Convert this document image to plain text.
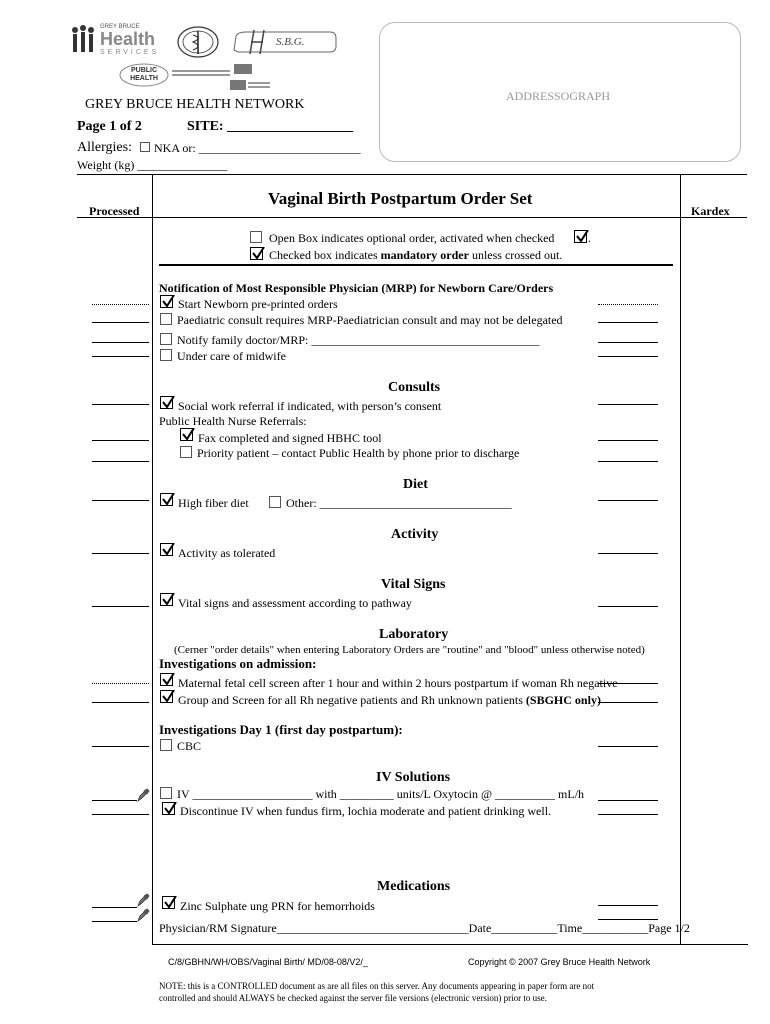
GREY BRUCE
Health
SERVICES
S.B.G.
PUBLIC HEALTH
GREY BRUCE HEALTH NETWORK
Page 1 of 2	SITE: __________________
Allergies: NKA or: ___________________________
Weight (kg) _______________
ADDRESSOGRAPH
Vaginal Birth Postpartum Order Set
Processed	Kardex
Open Box indicates optional order, activated when checked	.
Checked box indicates mandatory order unless crossed out.
Notification of Most Responsible Physician (MRP) for Newborn Care/Orders
Start Newborn pre-printed orders
Paediatric consult requires MRP-Paediatrician consult and may not be delegated
Notify family doctor/MRP: ______________________________________
Under care of midwife
Consults
Social work referral if indicated, with person’s consent
Public Health Nurse Referrals:
Fax completed and signed HBHC tool
Priority patient – contact Public Health by phone prior to discharge
Diet
High fiber diet	Other: ________________________________
Activity
Activity as tolerated
Vital Signs
Vital signs and assessment according to pathway
Laboratory
(Cerner "order details" when entering Laboratory Orders are "routine" and "blood" unless otherwise noted)
Investigations on admission:
Maternal fetal cell screen after 1 hour and within 2 hours postpartum if woman Rh negative
Group and Screen for all Rh negative patients and Rh unknown patients (SBGHC only)
Investigations Day 1 (first day postpartum):
CBC
IV Solutions
IV ____________________ with _________ units/L Oxytocin @ __________ mL/h
Discontinue IV when fundus firm, lochia moderate and patient drinking well.
Medications
Zinc Sulphate ung PRN for hemorrhoids
Physician/RM Signature________________________________Date___________Time___________Page 1/2
C/8/GBHN/WH/OBS/Vaginal Birth/ MD/08-08/V2/_	Copyright © 2007 Grey Bruce Health Network
NOTE: this is a CONTROLLED document as are all files on this server. Any documents appearing in paper form are not
controlled and should ALWAYS be checked against the server file versions (electronic version) prior to use.
